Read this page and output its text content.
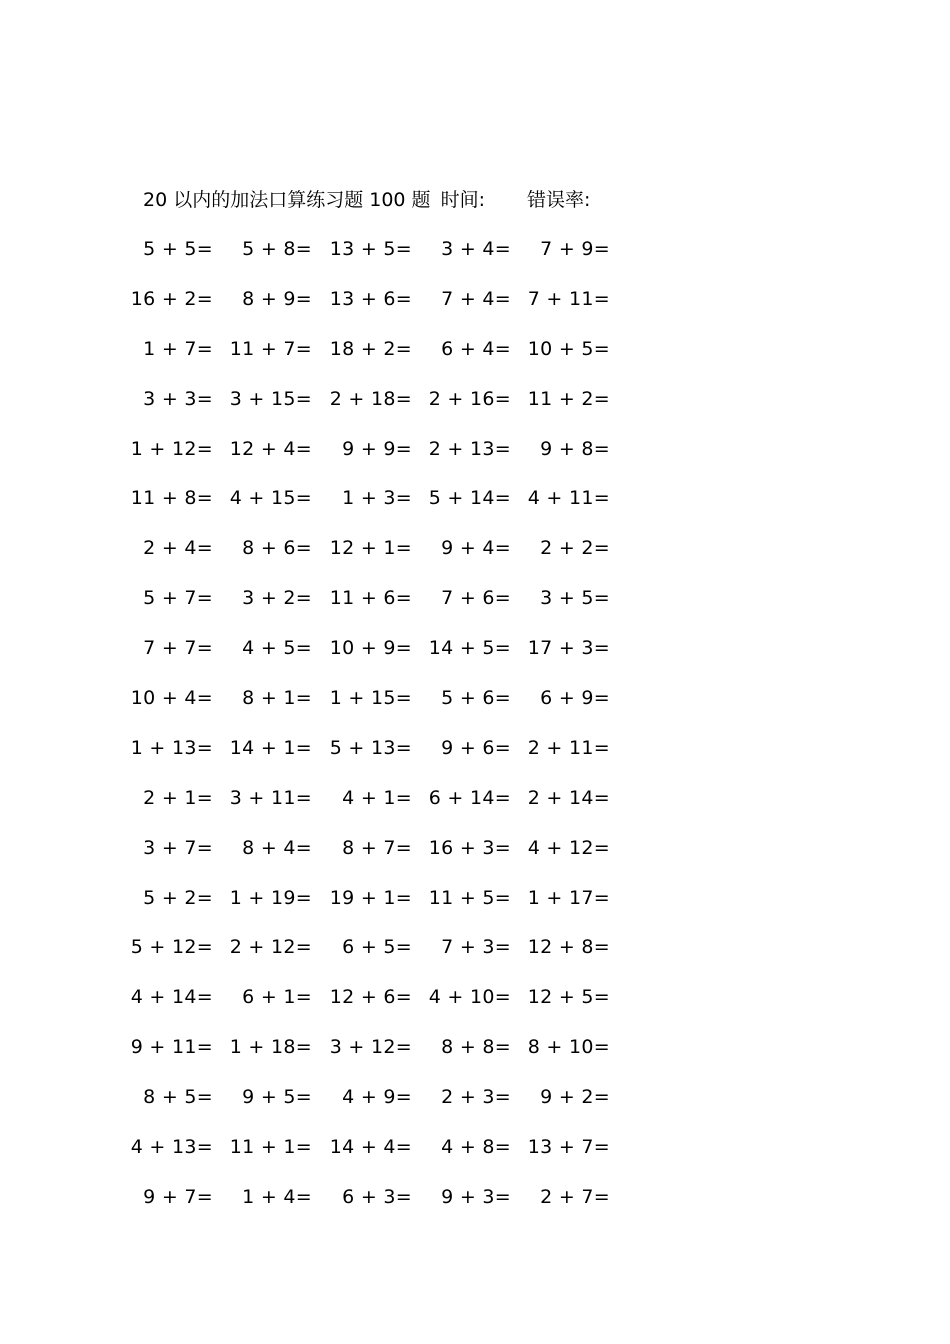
20 以内的加法口算练习题 100 题 时间: 错误率:
5 + 5= 5 + 8= 13 + 5= 3 + 4= 7 + 9=
16 + 2= 8 + 9= 13 + 6= 7 + 4= 7 + 11=
1 + 7= 11 + 7= 18 + 2= 6 + 4= 10 + 5=
3 + 3= 3 + 15= 2 + 18= 2 + 16= 11 + 2=
1 + 12= 12 + 4= 9 + 9= 2 + 13= 9 + 8=
11 + 8= 4 + 15= 1 + 3= 5 + 14= 4 + 11=
2 + 4= 8 + 6= 12 + 1= 9 + 4= 2 + 2=
5 + 7= 3 + 2= 11 + 6= 7 + 6= 3 + 5=
7 + 7= 4 + 5= 10 + 9= 14 + 5= 17 + 3=
10 + 4= 8 + 1= 1 + 15= 5 + 6= 6 + 9=
1 + 13= 14 + 1= 5 + 13= 9 + 6= 2 + 11=
2 + 1= 3 + 11= 4 + 1= 6 + 14= 2 + 14=
3 + 7= 8 + 4= 8 + 7= 16 + 3= 4 + 12=
5 + 2= 1 + 19= 19 + 1= 11 + 5= 1 + 17=
5 + 12= 2 + 12= 6 + 5= 7 + 3= 12 + 8=
4 + 14= 6 + 1= 12 + 6= 4 + 10= 12 + 5=
9 + 11= 1 + 18= 3 + 12= 8 + 8= 8 + 10=
8 + 5= 9 + 5= 4 + 9= 2 + 3= 9 + 2=
4 + 13= 11 + 1= 14 + 4= 4 + 8= 13 + 7=
9 + 7= 1 + 4= 6 + 3= 9 + 3= 2 + 7=
